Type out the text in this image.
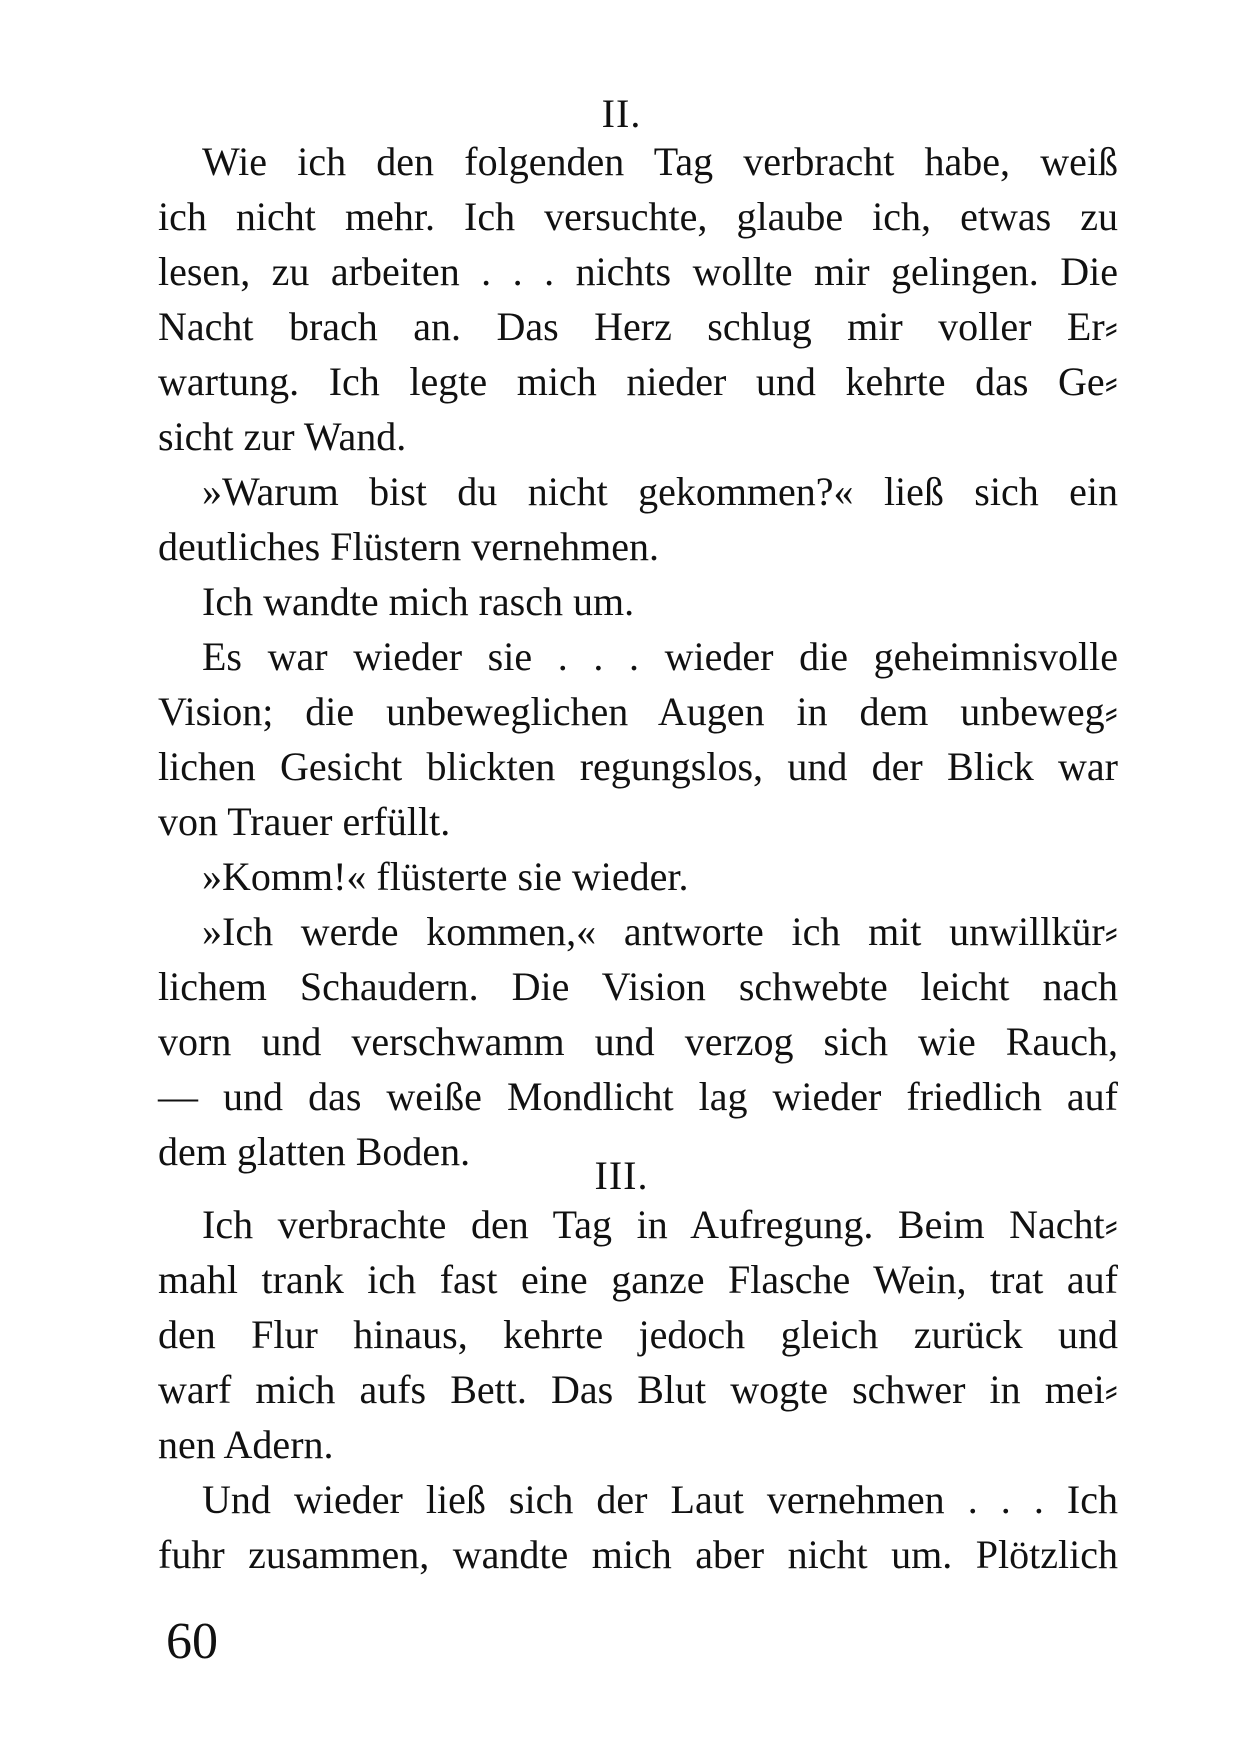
II.
Wie ich den folgenden Tag verbracht habe, weiß
ich nicht mehr. Ich versuchte, glaube ich, etwas zu
lesen, zu arbeiten . . . nichts wollte mir gelingen. Die
Nacht brach an. Das Herz schlug mir voller Er⸗
wartung. Ich legte mich nieder und kehrte das Ge⸗
sicht zur Wand.
»Warum bist du nicht gekommen?« ließ sich ein
deutliches Flüstern vernehmen.
Ich wandte mich rasch um.
Es war wieder sie . . . wieder die geheimnisvolle
Vision; die unbeweglichen Augen in dem unbeweg⸗
lichen Gesicht blickten regungslos, und der Blick war
von Trauer erfüllt.
»Komm!« flüsterte sie wieder.
»Ich werde kommen,« antworte ich mit unwillkür⸗
lichem Schaudern. Die Vision schwebte leicht nach
vorn und verschwamm und verzog sich wie Rauch,
— und das weiße Mondlicht lag wieder friedlich auf
dem glatten Boden.
III.
Ich verbrachte den Tag in Aufregung. Beim Nacht⸗
mahl trank ich fast eine ganze Flasche Wein, trat auf
den Flur hinaus, kehrte jedoch gleich zurück und
warf mich aufs Bett. Das Blut wogte schwer in mei⸗
nen Adern.
Und wieder ließ sich der Laut vernehmen . . . Ich
fuhr zusammen, wandte mich aber nicht um. Plötzlich
60
